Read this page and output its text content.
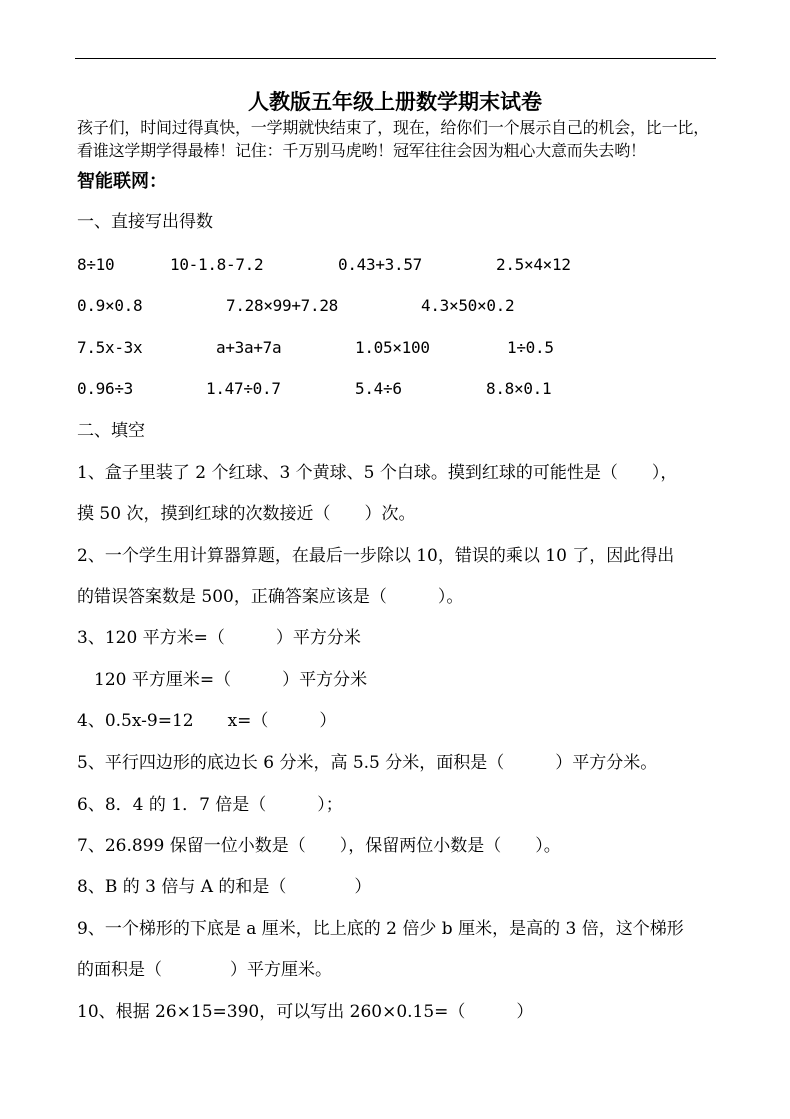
人教版五年级上册数学期末试卷
孩子们，时间过得真快，一学期就快结束了，现在，给你们一个展示自己的机会，比一比，
看谁这学期学得最棒！记住：千万别马虎哟！冠军往往会因为粗心大意而失去哟！
智能联网：
一、直接写出得数
8÷10	10-1.8-7.2	0.43+3.57	2.5×4×12
0.9×0.8	7.28×99+7.28	4.3×50×0.2
7.5x-3x	a+3a+7a	1.05×100	1÷0.5
0.96÷3	1.47÷0.7	5.4÷6	8.8×0.1
二、填空
1、盒子里装了 2 个红球、3 个黄球、5 个白球。摸到红球的可能性是（　　），
摸 50 次，摸到红球的次数接近（　　）次。
2、一个学生用计算器算题，在最后一步除以 10，错误的乘以 10 了，因此得出
的错误答案数是 500，正确答案应该是（　　　）。
3、120 平方米=（　　　）平方分米
120 平方厘米=（　　　）平方分米
4、0.5x-9=12　　x=（　　　）
5、平行四边形的底边长 6 分米，高 5.5 分米，面积是（　　　）平方分米。
6、8．4 的 1．7 倍是（　　　）；
7、26.899 保留一位小数是（　　），保留两位小数是（　　）。
8、B 的 3 倍与 A 的和是（　　　　）
9、一个梯形的下底是 a 厘米，比上底的 2 倍少 b 厘米，是高的 3 倍，这个梯形
的面积是（　　　　）平方厘米。
10、根据 26×15=390，可以写出 260×0.15=（　　　）
